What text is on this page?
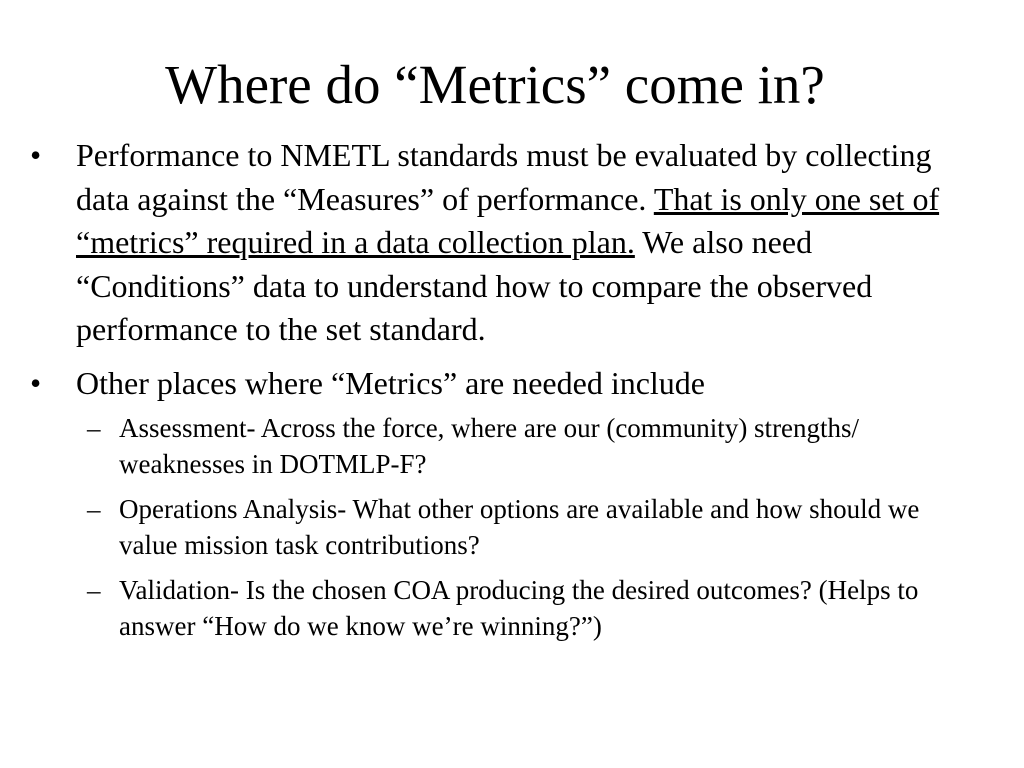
Where do “Metrics” come in?
•	Performance to NMETL standards must be evaluated by collecting data against the “Measures” of performance. That is only one set of “metrics” required in a data collection plan. We also need “Conditions” data to understand how to compare the observed performance to the set standard.
•	Other places where “Metrics” are needed include
– Assessment- Across the force, where are our (community) strengths/ weaknesses in DOTMLP-F?
– Operations Analysis- What other options are available and how should we value mission task contributions?
– Validation- Is the chosen COA producing the desired outcomes? (Helps to answer “How do we know we’re winning?”)
